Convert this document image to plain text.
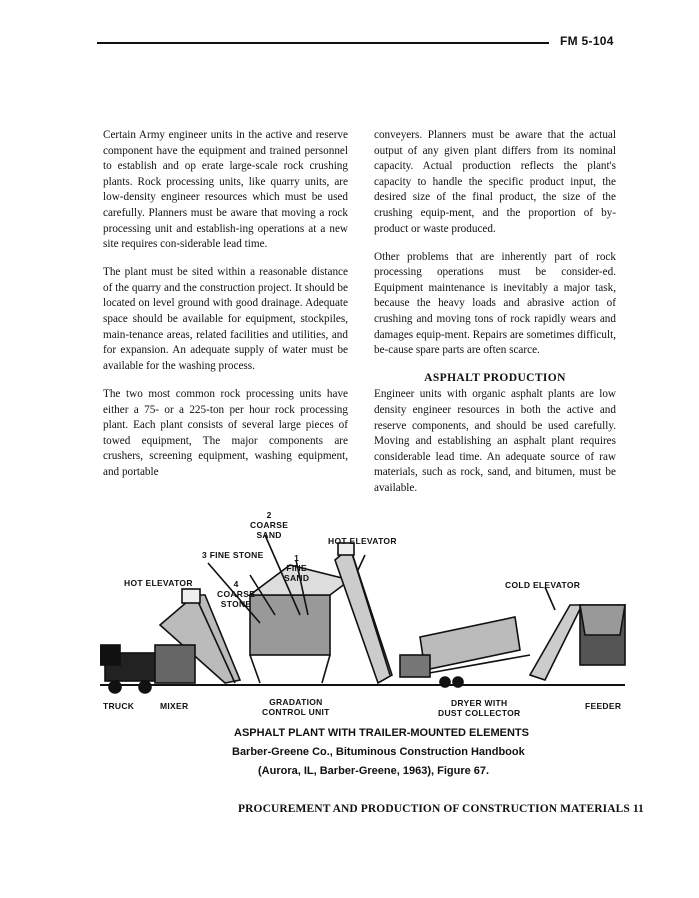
FM 5-104

Certain Army engineer units in the active and reserve component have the equipment and trained personnel to establish and op erate large-scale rock crushing plants. Rock processing units, like quarry units, are low-density engineer resources which must be used carefully. Planners must be aware that moving a rock processing unit and establish-ing operations at a new site requires con-siderable lead time.

The plant must be sited within a reasonable distance of the quarry and the construction project. It should be located on level ground with good drainage. Adequate space should be available for equipment, stockpiles, main-tenance areas, related facilities and utilities, and for expansion. An adequate supply of water must be available for the washing process.

The two most common rock processing units have either a 75- or a 225-ton per hour rock processing plant. Each plant consists of several large pieces of towed equipment, The major components are crushers, screening equipment, washing equipment, and portable

conveyers. Planners must be aware that the actual output of any given plant differs from its nominal capacity. Actual production reflects the plant's capacity to handle the specific product input, the desired size of the final product, the size of the crushing equip-ment, and the proportion of by-product or waste produced.

Other problems that are inherently part of rock processing operations must be consider-ed. Equipment maintenance is inevitably a major task, because the heavy loads and abrasive action of crushing and moving tons of rock rapidly wears and damages equip-ment. Repairs are sometimes difficult, be-cause spare parts are often scarce.

ASPHALT PRODUCTION

Engineer units with organic asphalt plants are low density engineer resources in both the active and reserve components, and should be used carefully. Moving and establishing an asphalt plant requires considerable lead time. An adequate source of raw materials, such as rock, sand, and bitumen, must be available.

2
COARSE
SAND
HOT ELEVATOR
3 FINE STONE	1
FINE
SAND
HOT ELEVATOR	4
COARSE
STONE
COLD ELEVATOR
TRUCK	MIXER	GRADATION
CONTROL UNIT
DRYER WITH
DUST COLLECTOR
FEEDER
ASPHALT PLANT WITH TRAILER-MOUNTED ELEMENTS
Barber-Greene Co., Bituminous Construction Handbook
(Aurora, IL, Barber-Greene, 1963), Figure 67.
PROCUREMENT AND PRODUCTION OF CONSTRUCTION MATERIALS 11
